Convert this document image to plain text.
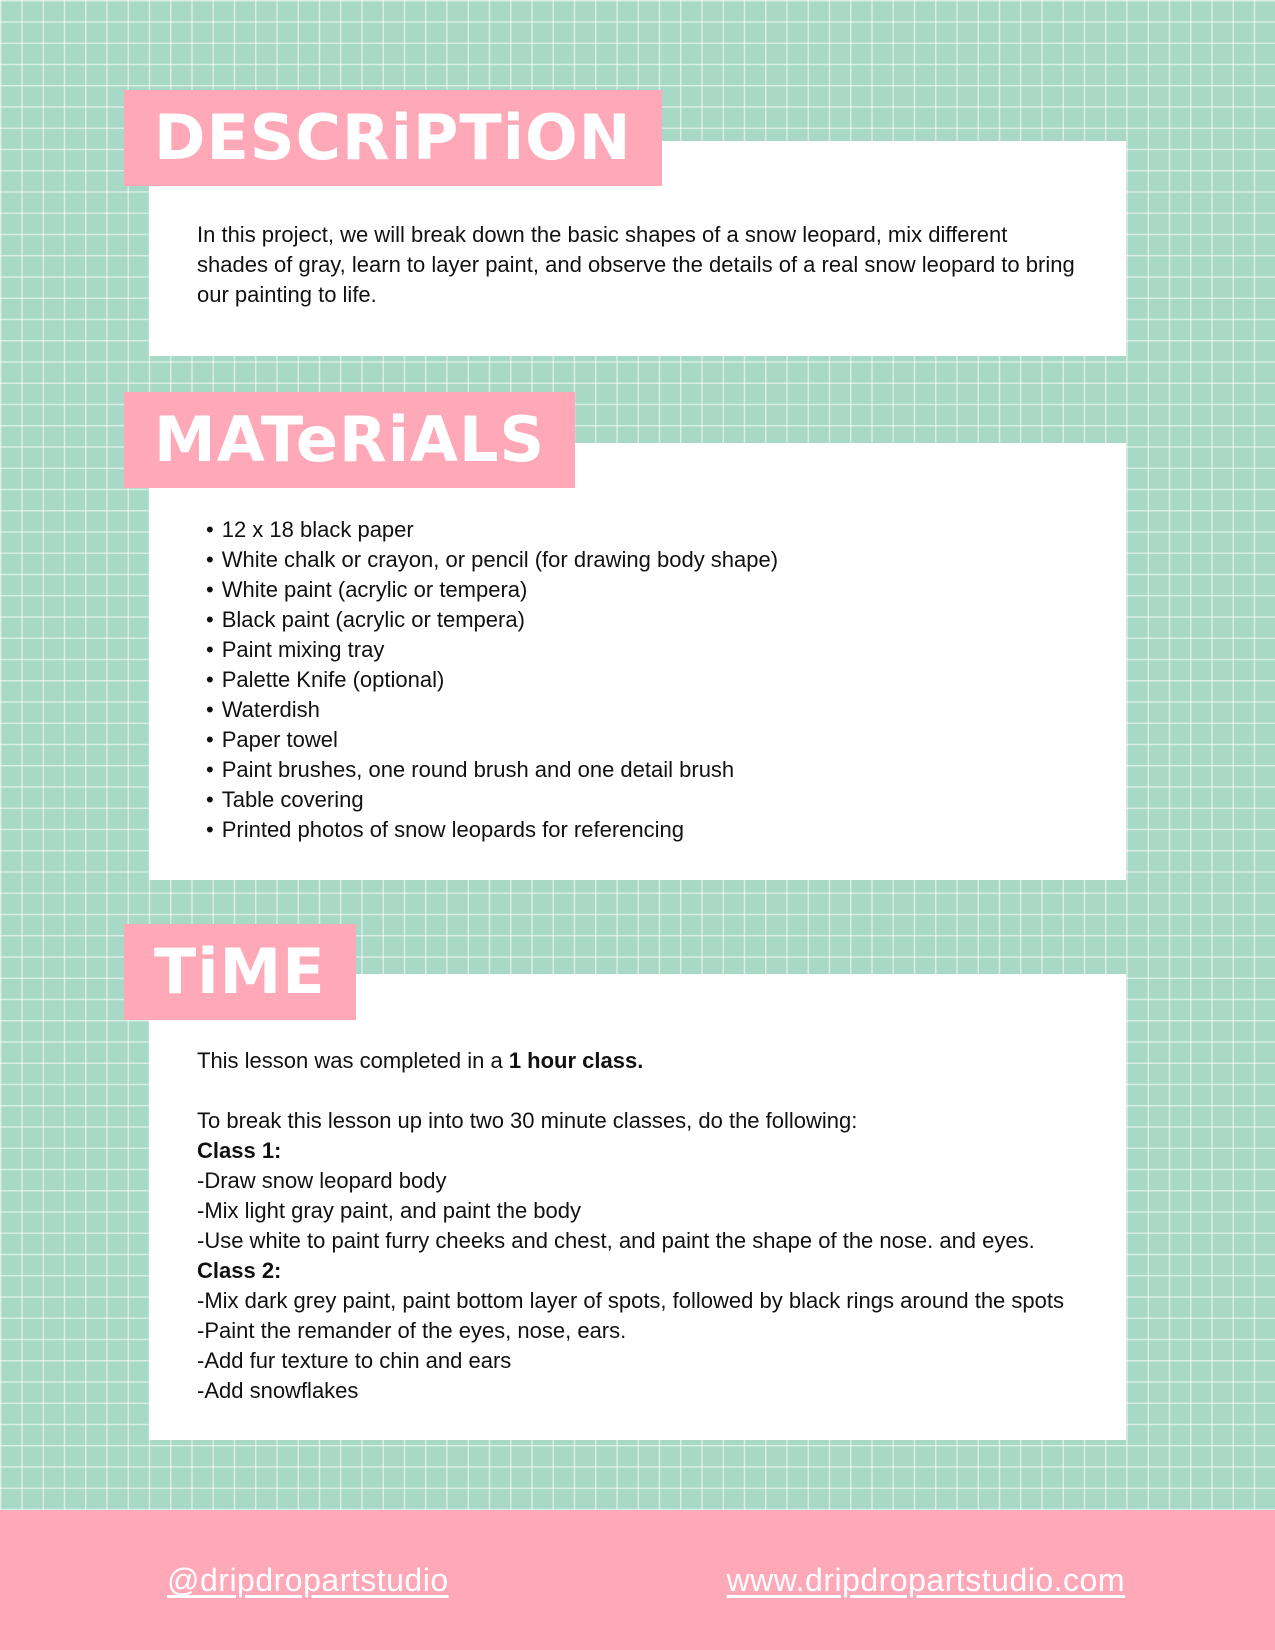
In this project, we will break down the basic shapes of a snow leopard, mix different shades of gray, learn to layer paint, and observe the details of a real snow leopard to bring our painting to life.
DESCRiPTiON
• 12 x 18 black paper
• White chalk or crayon, or pencil (for drawing body shape)
• White paint (acrylic or tempera)
• Black paint (acrylic or tempera)
• Paint mixing tray
• Palette Knife (optional)
• Waterdish
• Paper towel
• Paint brushes, one round brush and one detail brush
• Table covering
• Printed photos of snow leopards for referencing
MATeRiALS
This lesson was completed in a 1 hour class.
To break this lesson up into two 30 minute classes, do the following:
Class 1:
-Draw snow leopard body
-Mix light gray paint, and paint the body
-Use white to paint furry cheeks and chest, and paint the shape of the nose. and eyes.
Class 2:
-Mix dark grey paint, paint bottom layer of spots, followed by black rings around the spots
-Paint the remander of the eyes, nose, ears.
-Add fur texture to chin and ears
-Add snowflakes
TiME
@dripdropartstudio	www.dripdropartstudio.com
